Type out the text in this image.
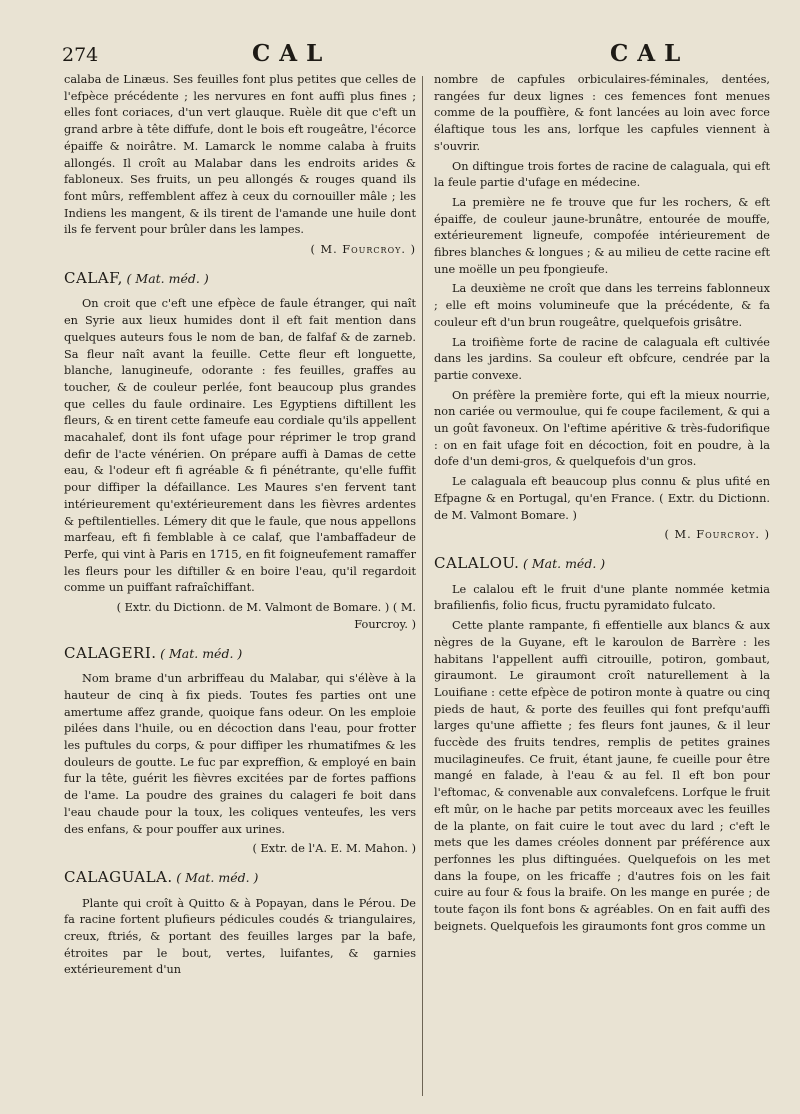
274	CAL	CAL

calaba de Linæus. Ses feuilles font plus petites que celles de l'efpèce précédente ; les nervures en font auffi plus fines ; elles font coriaces, d'un vert glauque. Ruèle dit que c'eft un grand arbre à tête diffufe, dont le bois eft rougeâtre, l'écorce épaiffe & noirâtre. M. Lamarck le nomme calaba à fruits allongés. Il croît au Malabar dans les endroits arides & fabloneux. Ses fruits, un peu allongés & rouges quand ils font mûrs, reffemblent affez à ceux du cornouiller mâle ; les Indiens les mangent, & ils tirent de l'amande une huile dont ils fe fervent pour brûler dans les lampes.

( M. Fourcroy. )

CALAF, ( Mat. méd. )

On croit que c'eft une efpèce de faule étranger, qui naît en Syrie aux lieux humides dont il eft fait mention dans quelques auteurs fous le nom de ban, de falfaf & de zarneb. Sa fleur naît avant la feuille. Cette fleur eft longuette, blanche, lanugineufe, odorante : fes feuilles, graffes au toucher, & de couleur perlée, font beaucoup plus grandes que celles du faule ordinaire. Les Egyptiens diftillent les fleurs, & en tirent cette fameufe eau cordiale qu'ils appellent macahalef, dont ils font ufage pour réprimer le trop grand defir de l'acte vénérien. On prépare auffi à Damas de cette eau, & l'odeur eft fi agréable & fi pénétrante, qu'elle fuffit pour diffiper la défaillance. Les Maures s'en fervent tant intérieurement qu'extérieurement dans les fièvres ardentes & peftilentielles. Lémery dit que le faule, que nous appellons marfeau, eft fi femblable à ce calaf, que l'ambaffadeur de Perfe, qui vint à Paris en 1715, en fit foigneufement ramaffer les fleurs pour les diftiller & en boire l'eau, qu'il regardoit comme un puiffant rafraîchiffant.

( Extr. du Dictionn. de M. Valmont de Bomare. ) ( M. Fourcroy. )

CALAGERI. ( Mat. méd. )

Nom brame d'un arbriffeau du Malabar, qui s'élève à la hauteur de cinq à fix pieds. Toutes fes parties ont une amertume affez grande, quoique fans odeur. On les emploie pilées dans l'huile, ou en décoction dans l'eau, pour frotter les puftules du corps, & pour diffiper les rhumatifmes & les douleurs de goutte. Le fuc par expreffion, & employé en bain fur la tête, guérit les fièvres excitées par de fortes paffions de l'ame. La poudre des graines du calageri fe boit dans l'eau chaude pour la toux, les coliques venteufes, les vers des enfans, & pour pouffer aux urines.

( Extr. de l'A. E. M. Mahon. )

CALAGUALA. ( Mat. méd. )

Plante qui croît à Quitto & à Popayan, dans le Pérou. De fa racine fortent plufieurs pédicules coudés & triangulaires, creux, ftriés, & portant des feuilles larges par la bafe, étroites par le bout, vertes, luifantes, & garnies extérieurement d'un

nombre de capfules orbiculaires-féminales, dentées, rangées fur deux lignes : ces femences font menues comme de la pouffière, & font lancées au loin avec force élaftique tous les ans, lorfque les capfules viennent à s'ouvrir.

On diftingue trois fortes de racine de calaguala, qui eft la feule partie d'ufage en médecine.

La première ne fe trouve que fur les rochers, & eft épaiffe, de couleur jaune-brunâtre, entourée de mouffe, extérieurement ligneufe, compofée intérieurement de fibres blanches & longues ; & au milieu de cette racine eft une moëlle un peu fpongieufe.

La deuxième ne croît que dans les terreins fablonneux ; elle eft moins volumineufe que la précédente, & fa couleur eft d'un brun rougeâtre, quelquefois grisâtre.

La troifième forte de racine de calaguala eft cultivée dans les jardins. Sa couleur eft obfcure, cendrée par la partie convexe.

On préfère la première forte, qui eft la mieux nourrie, non cariée ou vermoulue, qui fe coupe facilement, & qui a un goût favoneux. On l'eftime apéritive & très-fudorifique : on en fait ufage foit en décoction, foit en poudre, à la dofe d'un demi-gros, & quelquefois d'un gros.

Le calaguala eft beaucoup plus connu & plus ufité en Efpagne & en Portugal, qu'en France. ( Extr. du Dictionn. de M. Valmont Bomare. )

( M. Fourcroy. )

CALALOU. ( Mat. méd. )

Le calalou eft le fruit d'une plante nommée ketmia brafilienfis, folio ficus, fructu pyramidato fulcato.

Cette plante rampante, fi effentielle aux blancs & aux nègres de la Guyane, eft le karoulon de Barrère : les habitans l'appellent auffi citrouille, potiron, gombaut, giraumont. Le giraumont croît naturellement à la Louifiane : cette efpèce de potiron monte à quatre ou cinq pieds de haut, & porte des feuilles qui font prefqu'auffi larges qu'une affiette ; fes fleurs font jaunes, & il leur fuccède des fruits tendres, remplis de petites graines mucilagineufes. Ce fruit, étant jaune, fe cueille pour être mangé en falade, à l'eau & au fel. Il eft bon pour l'eftomac, & convenable aux convalefcens. Lorfque le fruit eft mûr, on le hache par petits morceaux avec les feuilles de la plante, on fait cuire le tout avec du lard ; c'eft le mets que les dames créoles donnent par préférence aux perfonnes les plus diftinguées. Quelquefois on les met dans la foupe, on les fricaffe ; d'autres fois on les fait cuire au four & fous la braife. On les mange en purée ; de toute façon ils font bons & agréables. On en fait auffi des beignets. Quelquefois les giraumonts font gros comme un
